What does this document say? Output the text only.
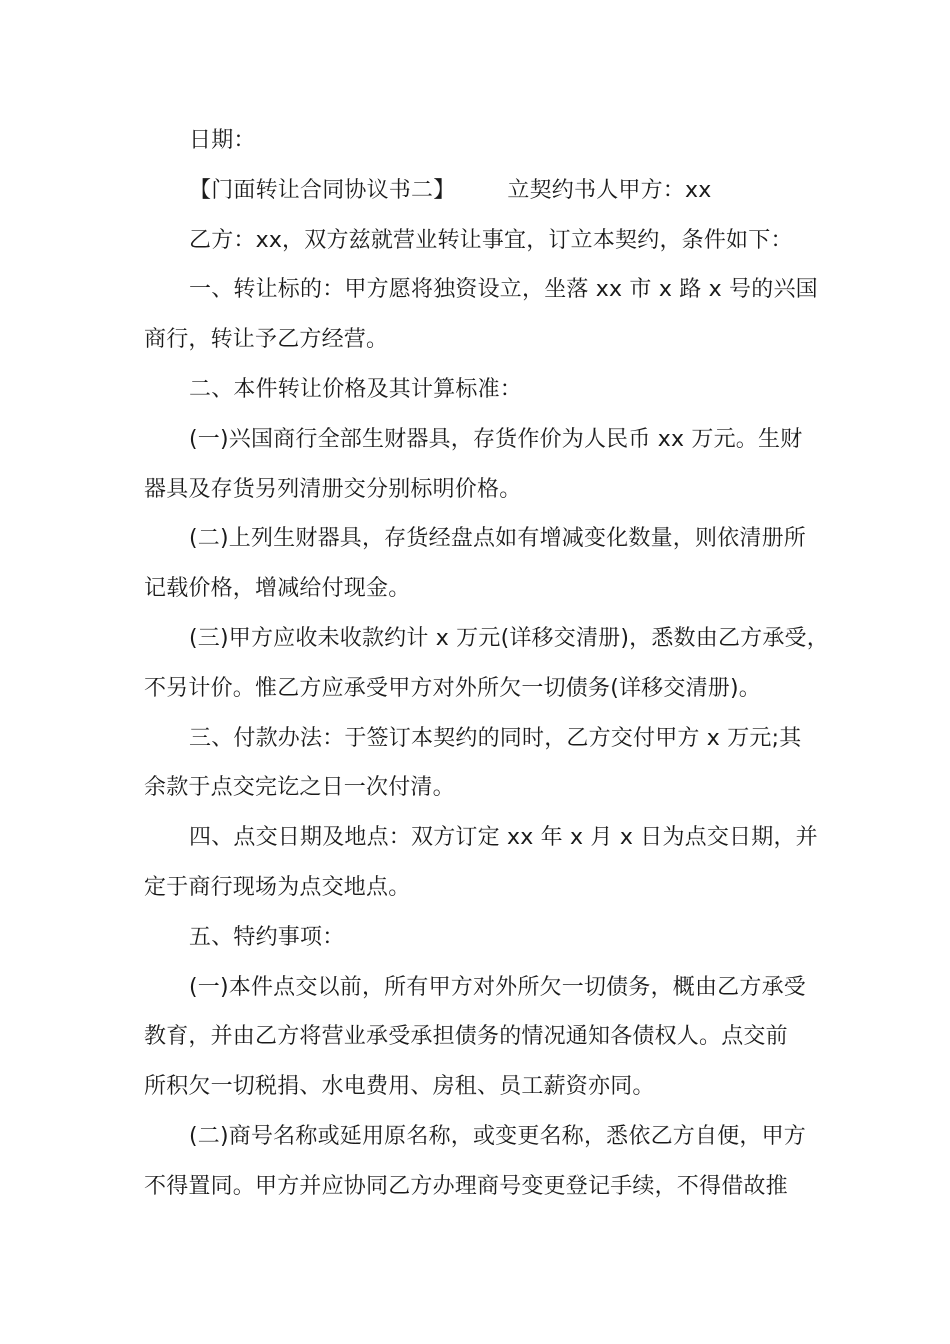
日期：
【门面转让合同协议书二】 立契约书人甲方：xx
乙方：xx，双方兹就营业转让事宜，订立本契约，条件如下：
一、转让标的：甲方愿将独资设立，坐落 xx 市 x 路 x 号的兴国
商行，转让予乙方经营。
二、本件转让价格及其计算标准：
(一)兴国商行全部生财器具，存货作价为人民币 xx 万元。生财
器具及存货另列清册交分别标明价格。
(二)上列生财器具，存货经盘点如有增减变化数量，则依清册所
记载价格，增减给付现金。
(三)甲方应收未收款约计 x 万元(详移交清册)，悉数由乙方承受，
不另计价。惟乙方应承受甲方对外所欠一切债务(详移交清册)。
三、付款办法：于签订本契约的同时，乙方交付甲方 x 万元;其
余款于点交完讫之日一次付清。
四、点交日期及地点：双方订定 xx 年 x 月 x 日为点交日期，并
定于商行现场为点交地点。
五、特约事项：
(一)本件点交以前，所有甲方对外所欠一切债务，概由乙方承受
教育，并由乙方将营业承受承担债务的情况通知各债权人。点交前
所积欠一切税捐、水电费用、房租、员工薪资亦同。
(二)商号名称或延用原名称，或变更名称，悉依乙方自便，甲方
不得置同。甲方并应协同乙方办理商号变更登记手续，不得借故推
